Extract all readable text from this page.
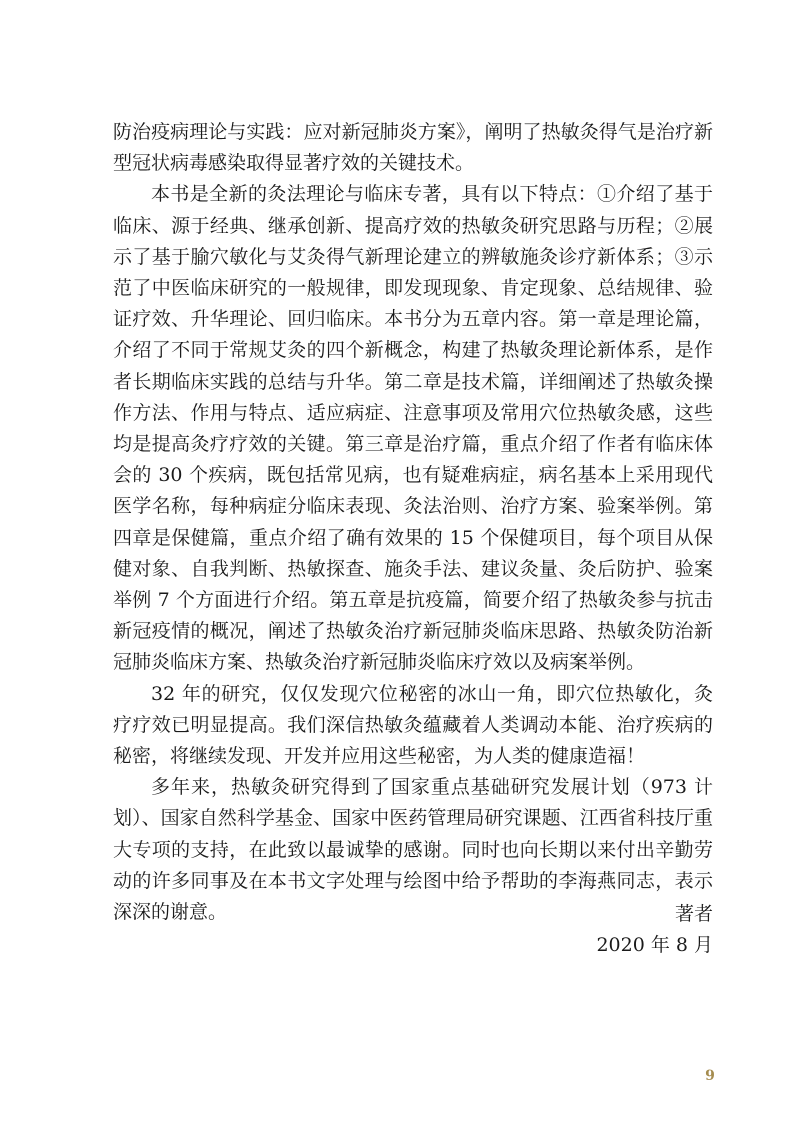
防治疫病理论与实践：应对新冠肺炎方案》，阐明了热敏灸得气是治疗新型冠状病毒感染取得显著疗效的关键技术。

本书是全新的灸法理论与临床专著，具有以下特点：①介绍了基于临床、源于经典、继承创新、提高疗效的热敏灸研究思路与历程；②展示了基于腧穴敏化与艾灸得气新理论建立的辨敏施灸诊疗新体系；③示范了中医临床研究的一般规律，即发现现象、肯定现象、总结规律、验证疗效、升华理论、回归临床。本书分为五章内容。第一章是理论篇，介绍了不同于常规艾灸的四个新概念，构建了热敏灸理论新体系，是作者长期临床实践的总结与升华。第二章是技术篇，详细阐述了热敏灸操作方法、作用与特点、适应病症、注意事项及常用穴位热敏灸感，这些均是提高灸疗疗效的关键。第三章是治疗篇，重点介绍了作者有临床体会的 30 个疾病，既包括常见病，也有疑难病症，病名基本上采用现代医学名称，每种病症分临床表现、灸法治则、治疗方案、验案举例。第四章是保健篇，重点介绍了确有效果的 15 个保健项目，每个项目从保健对象、自我判断、热敏探查、施灸手法、建议灸量、灸后防护、验案举例 7 个方面进行介绍。第五章是抗疫篇，简要介绍了热敏灸参与抗击新冠疫情的概况，阐述了热敏灸治疗新冠肺炎临床思路、热敏灸防治新冠肺炎临床方案、热敏灸治疗新冠肺炎临床疗效以及病案举例。

32 年的研究，仅仅发现穴位秘密的冰山一角，即穴位热敏化，灸疗疗效已明显提高。我们深信热敏灸蕴藏着人类调动本能、治疗疾病的秘密，将继续发现、开发并应用这些秘密，为人类的健康造福！

多年来，热敏灸研究得到了国家重点基础研究发展计划（973 计划）、国家自然科学基金、国家中医药管理局研究课题、江西省科技厅重大专项的支持，在此致以最诚挚的感谢。同时也向长期以来付出辛勤劳动的许多同事及在本书文字处理与绘图中给予帮助的李海燕同志，表示深深的谢意。	著者

2020 年 8 月

9
